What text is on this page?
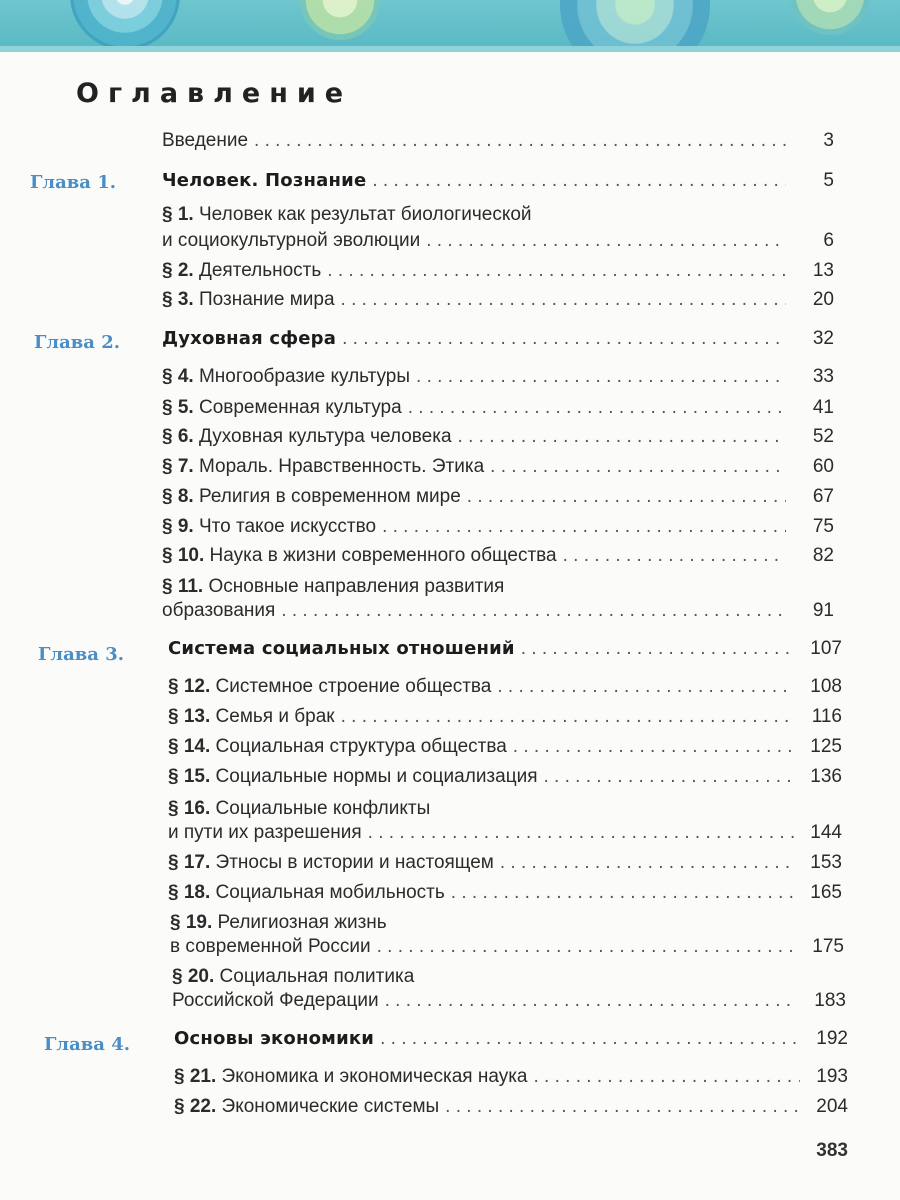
Оглавление
Введение . . .	3
Глава 1.	Человек. Познание . . .	5
§ 1. Человек как результат биологической
и социокультурной эволюции . . .	6
§ 2. Деятельность . . .	13
§ 3. Познание мира . . .	20
Глава 2.	Духовная сфера . . .	32
§ 4. Многообразие культуры . . .	33
§ 5. Современная культура . . .	41
§ 6. Духовная культура человека . . .	52
§ 7. Мораль. Нравственность. Этика . . .	60
§ 8. Религия в современном мире . . .	67
§ 9. Что такое искусство . . .	75
§ 10. Наука в жизни современного общества . . .	82
§ 11. Основные направления развития
образования . . .	91
Глава 3.	Система социальных отношений . . .	107
§ 12. Системное строение общества . . .	108
§ 13. Семья и брак . . .	116
§ 14. Социальная структура общества . . .	125
§ 15. Социальные нормы и социализация . . .	136
§ 16. Социальные конфликты
и пути их разрешения . . .	144
§ 17. Этносы в истории и настоящем . . .	153
§ 18. Социальная мобильность . . .	165
§ 19. Религиозная жизнь
в современной России . . .	175
§ 20. Социальная политика
Российской Федерации . . .	183
Глава 4.	Основы экономики . . .	192
§ 21. Экономика и экономическая наука . . .	193
§ 22. Экономические системы . . .	204
383
